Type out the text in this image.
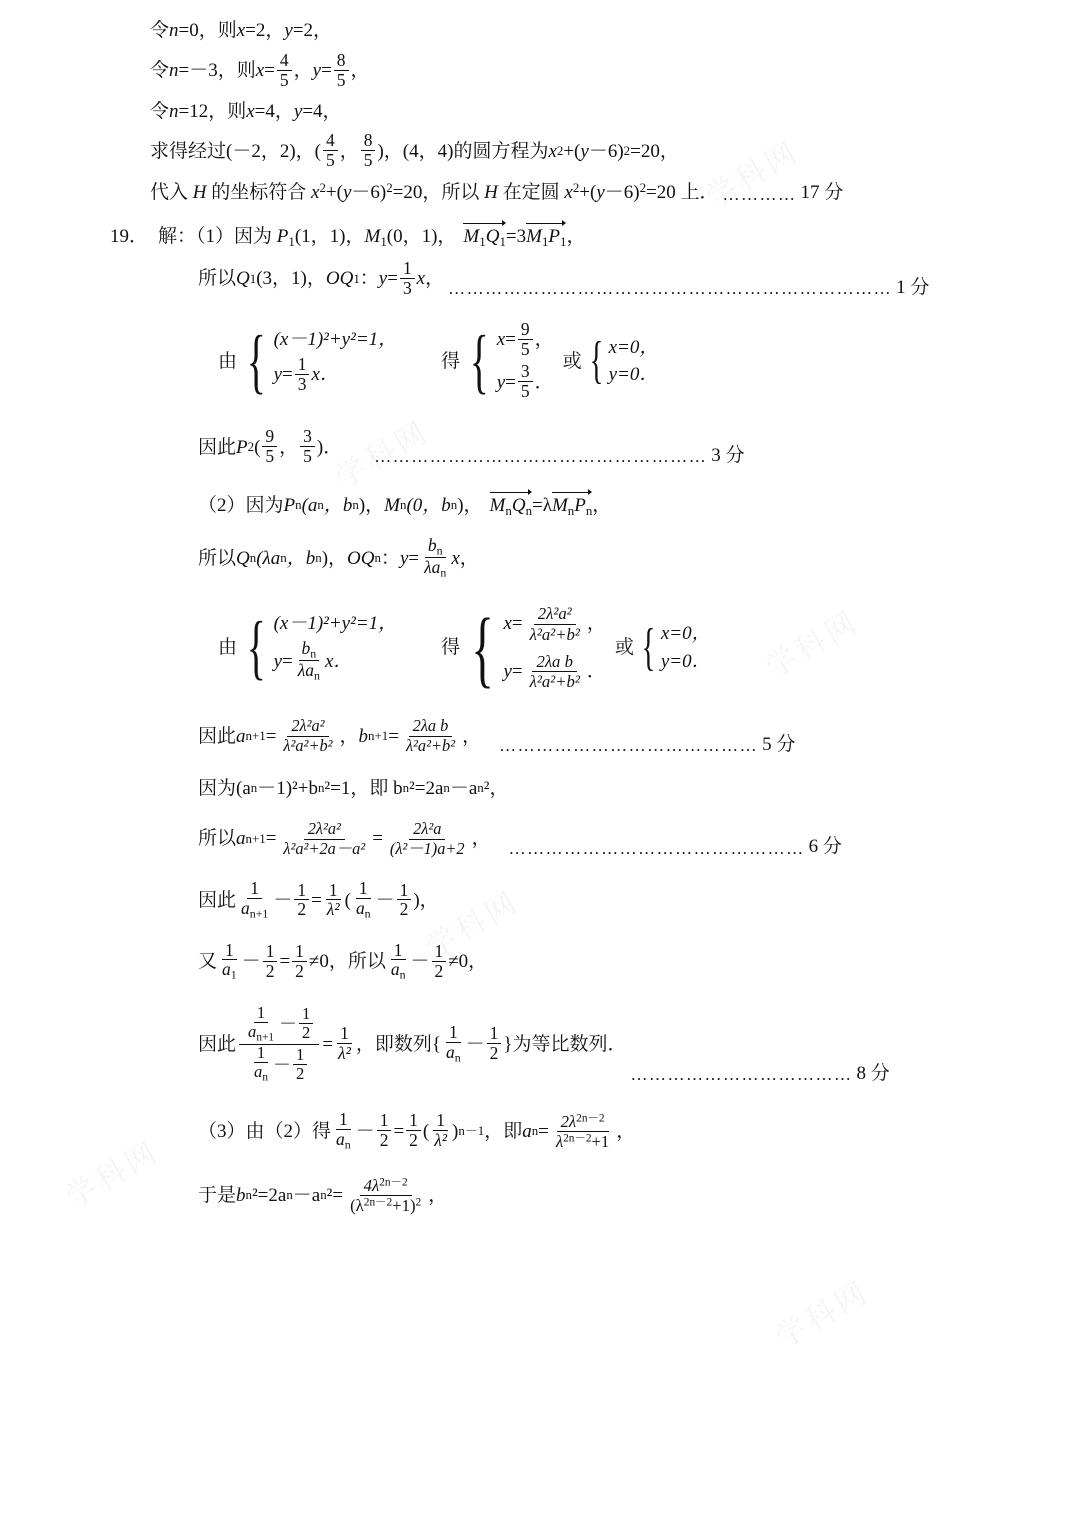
令 n =0，则 x =2， y =2，
令 n =－3，则 $x = \frac{4}{5}$ ， $y = \frac{8}{5}$ ，
令 n =12，则 x =4， y =4，
求得经过(－2，2)，( $\frac{4}{5}$ ， $\frac{8}{5}$ )，(4，4)的圆方程为 x 2 +( y －6) 2 =20，
代入 H 的坐标符合 $x^2+(y-6)^2=20$，所以 H 在定圆 $x^2+(y-6)^2=20$ 上． ………… 17 分
19． 解：（1）因为 $P_1(1$，1)，$M_1(0$，1)， $M_1Q_1=3M_1P_1$，
所以 Q 1 (3，1)， OQ 1 ： $y = \frac{1}{3}$ x ， ……………………………………………………………… 1 分
由 { (x－1)²+y²=1，
$y = \frac{1}{3}$ x．
得 { $x = \frac{9}{5}$ ，
$y = \frac{3}{5}$ ．
或 { x=0，
y=0．
因此 P 2 ( $\frac{9}{5}$ ， $\frac{3}{5}$ )． ……………………………………………… 3 分
（2）因为 P n (a n ，b n )， M n (0，b n )， $M_nQ_n =\lambda$ $M_nP_n$ ，
所以 Q n (λa n ，b n )， OQ n ： $y = \frac{b_n}{\lambda a_n}$ x ，
由 { (x－1)²+y²=1，
$y = \frac{b_n}{\lambda a_n}$ x．
得 { $x = \frac{\text{2λ²a²}}{\text{λ²a²+b²}}$ ，
$y = \frac{\text{2λa b}}{\text{λ²a²+b²}}$ ．
或 { x=0，
y=0．
因此 a $n+1 = \frac{\text{2λ²a²}}{\text{λ²a²+b²}}$ ， b $n+1 = \frac{\text{2λa b}}{\text{λ²a²+b²}}$ ， …………………………………… 5 分
因为(a n －1)²+b n ²=1，即 b n ²=2a n －a n ²，
所以 a $n+1 = \frac{\text{2λ²a²}}{\text{λ²a²+2a－a²}} = \frac{\text{2λ²a}}{\text{(λ²－1)a+2}}$ ， ………………………………………… 6 分
因此 $\frac{1}{a_{n+1}} - \frac{1}{2} = \frac{1}{\text{λ²}}$ ( $\frac{1}{a_n} - \frac{1}{2}$ )，
又 $\frac{1}{a_1} - \frac{1}{2} = \frac{1}{2} \ne 0$，所以 $\frac{1}{a_n} - \frac{1}{2} \ne 0$，
因此 $\frac{\frac{1}{a_{n+1}} - \frac{1}{2}}{\frac{1}{a_n} - \frac{1}{2}} = \frac{1}{\text{λ²}}$ ，即数列{ $\frac{1}{a_n} - \frac{1}{2}$ }为等比数列．
……………………………… 8 分
（3）由（2）得 $\frac{1}{a_n} - \frac{1}{2} = \frac{1}{2}$ ( $\frac{1}{\text{λ²}}$ ) n－1 ，即 a $n = \frac{2\lambda^{2n-2}}{\lambda^{2n-2}+1}$ ，
于是 b n ²=2a n －a n $^2= \frac{4\lambda^{2n-2}}{(\lambda^{2n-2}+1)^2}$ ，
